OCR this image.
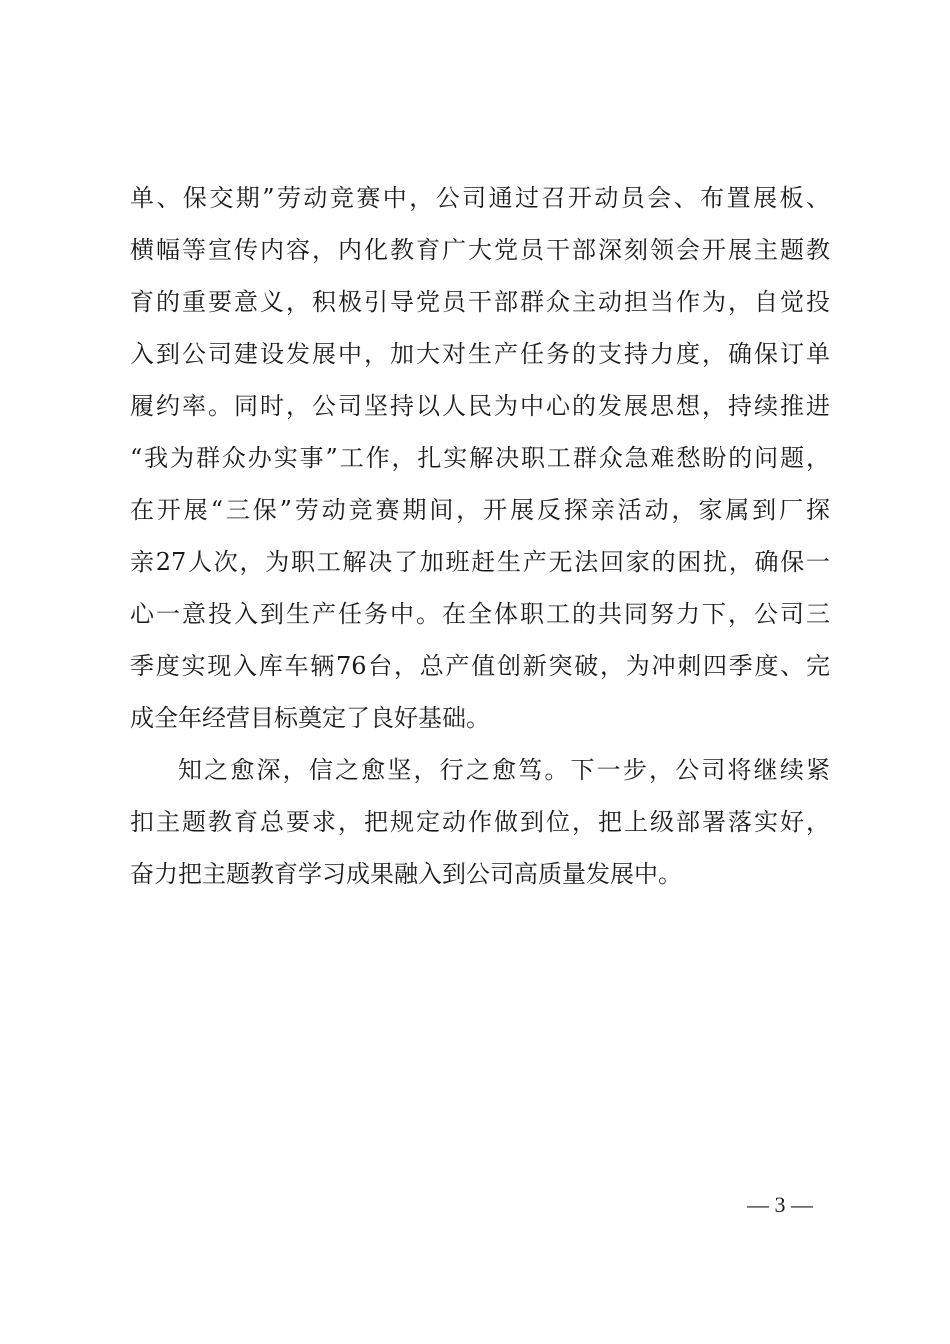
单、保交期”劳动竞赛中，公司通过召开动员会、布置展板、
横幅等宣传内容，内化教育广大党员干部深刻领会开展主题教
育的重要意义，积极引导党员干部群众主动担当作为，自觉投
入到公司建设发展中，加大对生产任务的支持力度，确保订单
履约率。同时，公司坚持以人民为中心的发展思想，持续推进
“我为群众办实事”工作，扎实解决职工群众急难愁盼的问题，
在开展“三保”劳动竞赛期间，开展反探亲活动，家属到厂探
亲27人次，为职工解决了加班赶生产无法回家的困扰，确保一
心一意投入到生产任务中。在全体职工的共同努力下，公司三
季度实现入库车辆76台，总产值创新突破，为冲刺四季度、完
成全年经营目标奠定了良好基础。
知之愈深，信之愈坚，行之愈笃。下一步，公司将继续紧
扣主题教育总要求，把规定动作做到位，把上级部署落实好，
奋力把主题教育学习成果融入到公司高质量发展中。
— 3 —
